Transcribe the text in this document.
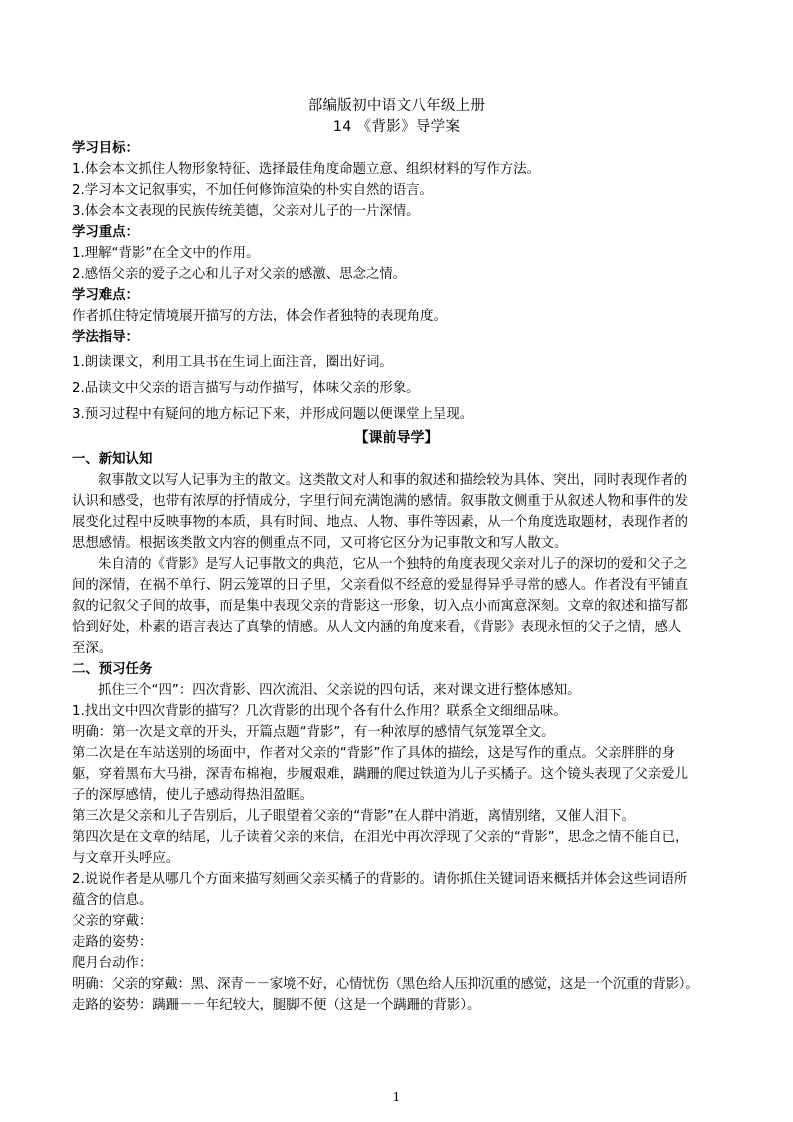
部编版初中语文八年级上册
14 《背影》导学案
学习目标：
1.体会本文抓住人物形象特征、选择最佳角度命题立意、组织材料的写作方法。
2.学习本文记叙事实，不加任何修饰渲染的朴实自然的语言。
3.体会本文表现的民族传统美德，父亲对儿子的一片深情。
学习重点：
1.理解“背影”在全文中的作用。
2.感悟父亲的爱子之心和儿子对父亲的感激、思念之情。
学习难点：
作者抓住特定情境展开描写的方法，体会作者独特的表现角度。
学法指导：
1.朗读课文，利用工具书在生词上面注音，圈出好词。
2.品读文中父亲的语言描写与动作描写，体味父亲的形象。
3.预习过程中有疑问的地方标记下来，并形成问题以便课堂上呈现。
【课前导学】
一、新知认知
叙事散文以写人记事为主的散文。这类散文对人和事的叙述和描绘较为具体、突出，同时表现作者的
认识和感受，也带有浓厚的抒情成分，字里行间充满饱满的感情。叙事散文侧重于从叙述人物和事件的发
展变化过程中反映事物的本质，具有时间、地点、人物、事件等因素，从一个角度选取题材，表现作者的
思想感情。根据该类散文内容的侧重点不同，又可将它区分为记事散文和写人散文。
朱自清的《背影》是写人记事散文的典范，它从一个独特的角度表现父亲对儿子的深切的爱和父子之
间的深情，在祸不单行、阴云笼罩的日子里，父亲看似不经意的爱显得异乎寻常的感人。作者没有平铺直
叙的记叙父子间的故事，而是集中表现父亲的背影这一形象，切入点小而寓意深刻。文章的叙述和描写都
恰到好处，朴素的语言表达了真挚的情感。从人文内涵的角度来看，《背影》表现永恒的父子之情，感人
至深。
二、预习任务
抓住三个“四”：四次背影、四次流泪、父亲说的四句话，来对课文进行整体感知。
1.找出文中四次背影的描写？几次背影的出现个各有什么作用？联系全文细细品味。
明确：第一次是文章的开头，开篇点题“背影”，有一种浓厚的感情气氛笼罩全文。
第二次是在车站送别的场面中，作者对父亲的“背影”作了具体的描绘，这是写作的重点。父亲胖胖的身
躯，穿着黑布大马褂，深青布棉袍，步履艰难，蹒跚的爬过铁道为儿子买橘子。这个镜头表现了父亲爱儿
子的深厚感情，使儿子感动得热泪盈眶。
第三次是父亲和儿子告别后，儿子眼望着父亲的“背影”在人群中消逝，离情别绪，又催人泪下。
第四次是在文章的结尾，儿子读着父亲的来信，在泪光中再次浮现了父亲的“背影”，思念之情不能自已，
与文章开头呼应。
2.说说作者是从哪几个方面来描写刻画父亲买橘子的背影的。请你抓住关键词语来概括并体会这些词语所
蕴含的信息。
父亲的穿戴：
走路的姿势：
爬月台动作：
明确：父亲的穿戴：黑、深青－－家境不好，心情忧伤（黑色给人压抑沉重的感觉，这是一个沉重的背影）。
走路的姿势：蹒跚－－年纪较大，腿脚不便（这是一个蹒跚的背影）。
1
